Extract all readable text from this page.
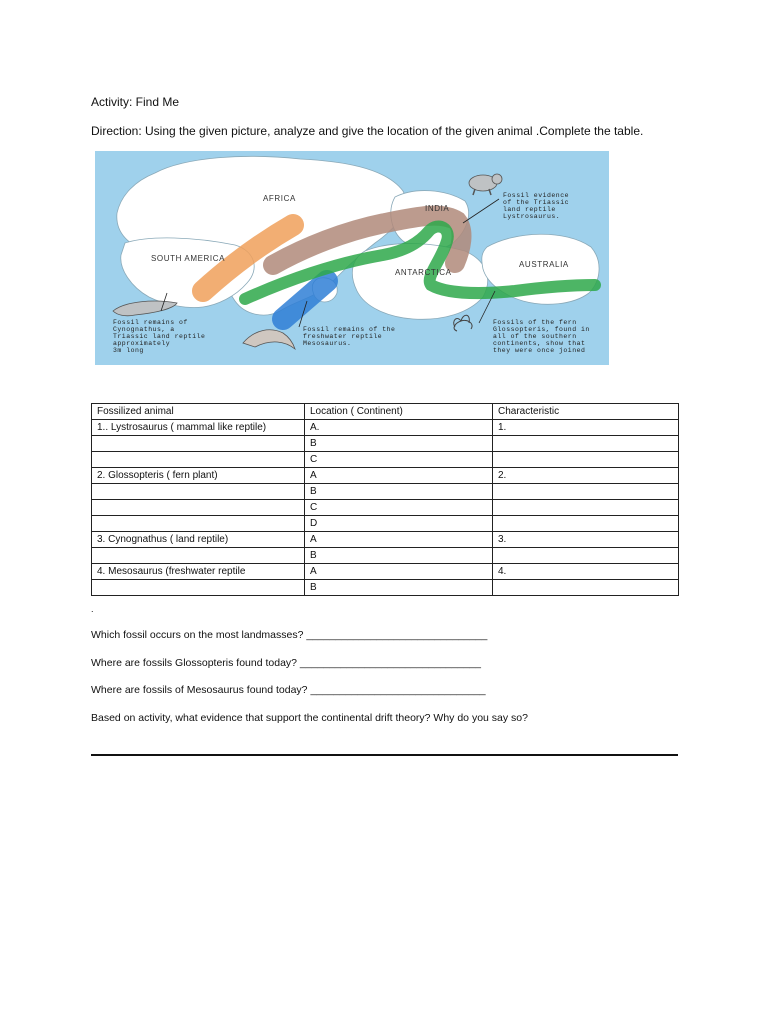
Activity: Find Me
Direction: Using the given picture, analyze and give the location of the given animal .Complete the table.
AFRICA
INDIA
SOUTH AMERICA
ANTARCTICA
AUSTRALIA
Fossil evidence of the Triassic land reptile Lystrosaurus.
Fossil remains of Cynognathus, a Triassic land reptile approximately 3m long
Fossil remains of the freshwater reptile Mesosaurus.
Fossils of the fern Glossopteris, found in all of the southern continents, show that they were once joined
Fossilized animal	Location ( Continent)	Characteristic
1.. Lystrosaurus ( mammal like reptile)	A.	1.
	B	
	C	
2. Glossopteris ( fern plant)	A	2.
	B	
	C	
	D	
3. Cynognathus ( land reptile)	A	3.
	B	
4. Mesosaurus (freshwater reptile	A	4.
	B	
.
Which fossil occurs on the most landmasses? _______________________________
Where are fossils Glossopteris found today? _______________________________
Where are fossils of Mesosaurus found today? ______________________________
Based on activity, what evidence that support the continental drift theory? Why do you say so?
